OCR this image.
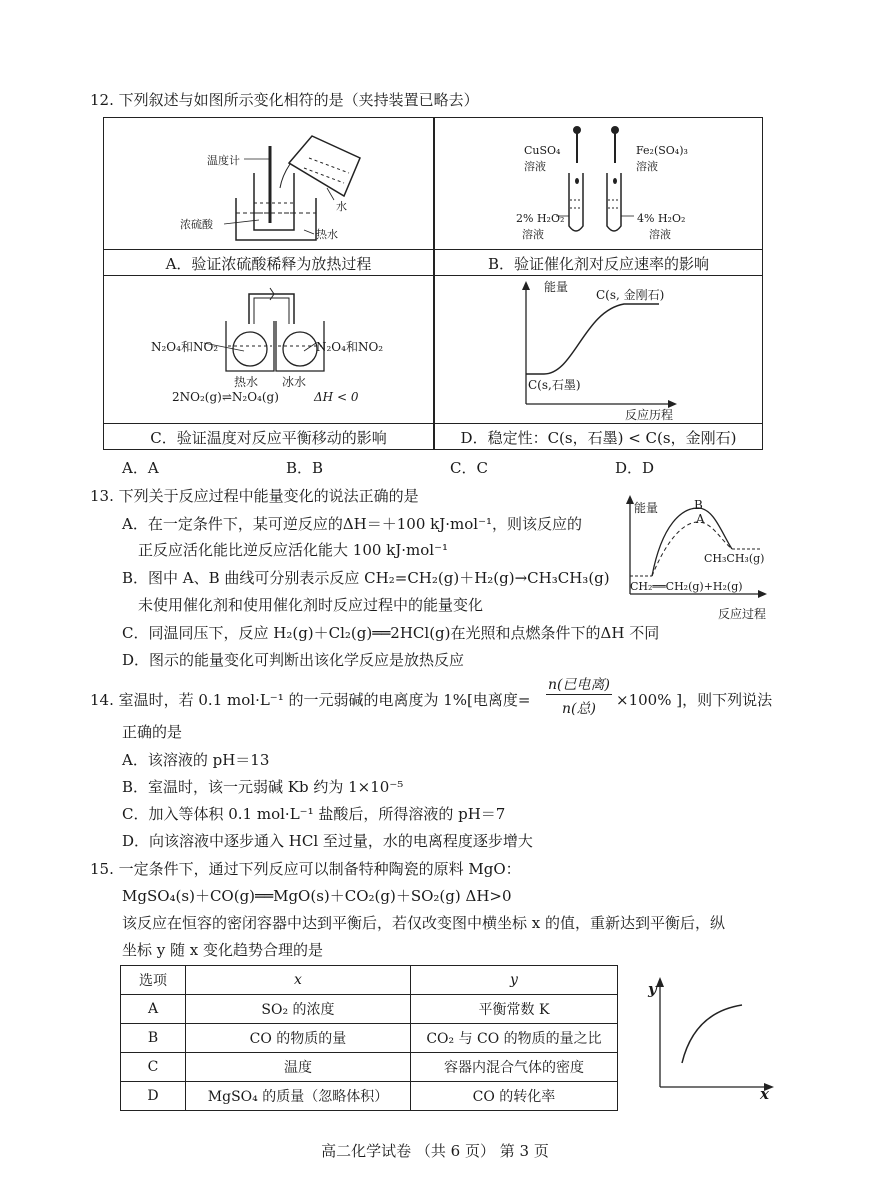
12. 下列叙述与如图所示变化相符的是（夹持装置已略去）
温度计
水
浓硫酸
热水
A．验证浓硫酸稀释为放热过程
CuSO₄
溶液
Fe₂(SO₄)₃
溶液
2% H₂O₂
溶液
4% H₂O₂
溶液
B．验证催化剂对反应速率的影响
N₂O₄和NO₂	N₂O₄和NO₂
热水 冰水
2NO₂(g)⇌N₂O₄(g)	ΔH < 0
C．验证温度对反应平衡移动的影响
能量
C(s, 金刚石)
C(s,石墨)
反应历程
D．稳定性：C(s，石墨) < C(s，金刚石)
A．A	B．B	C．C	D．D
13. 下列关于反应过程中能量变化的说法正确的是
A．在一定条件下，某可逆反应的ΔH＝＋100 kJ·mol⁻¹，则该反应的
正反应活化能比逆反应活化能大 100 kJ·mol⁻¹
B．图中 A、B 曲线可分别表示反应 CH₂=CH₂(g)＋H₂(g)→CH₃CH₃(g)
未使用催化剂和使用催化剂时反应过程中的能量变化
C．同温同压下，反应 H₂(g)＋Cl₂(g)══2HCl(g)在光照和点燃条件下的ΔH 不同
D．图示的能量变化可判断出该化学反应是放热反应
能量	B
A
CH₃CH₃(g)
CH₂══CH₂(g)+H₂(g)
反应过程
14. 室温时，若 0.1 mol·L⁻¹ 的一元弱碱的电离度为 1%[电离度=
n(已电离)
n(总)	×100% ]，则下列说法
正确的是
A．该溶液的 pH＝13
B．室温时，该一元弱碱 Kb 约为 1×10⁻⁵
C．加入等体积 0.1 mol·L⁻¹ 盐酸后，所得溶液的 pH＝7
D．向该溶液中逐步通入 HCl 至过量，水的电离程度逐步增大
15. 一定条件下，通过下列反应可以制备特种陶瓷的原料 MgO：
MgSO₄(s)＋CO(g)══MgO(s)＋CO₂(g)＋SO₂(g) ΔH>0
该反应在恒容的密闭容器中达到平衡后，若仅改变图中横坐标 x 的值，重新达到平衡后，纵
坐标 y 随 x 变化趋势合理的是
选项	x	y
A	SO₂ 的浓度	平衡常数 K
B	CO 的物质的量	CO₂ 与 CO 的物质的量之比
C	温度	容器内混合气体的密度
D	MgSO₄ 的质量（忽略体积）	CO 的转化率
y
x
高二化学试卷 （共 6 页） 第 3 页
